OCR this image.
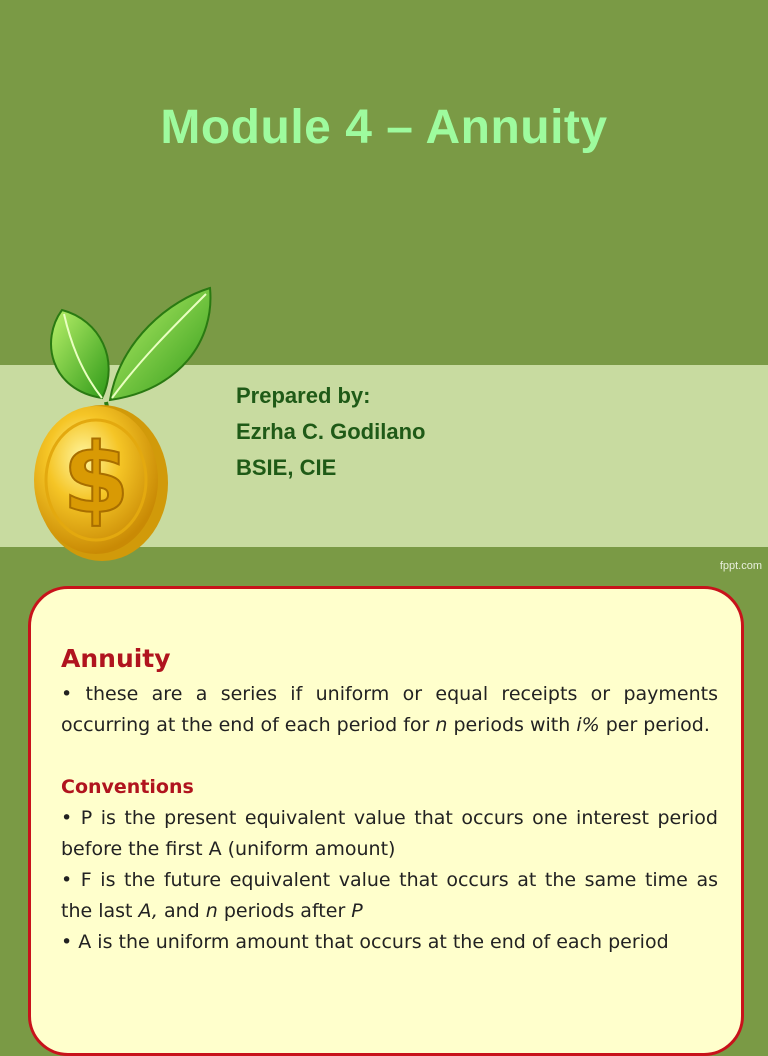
Module 4 – Annuity
Prepared by:
Ezrha C. Godilano
BSIE, CIE
$
fppt.com
Annuity
• these are a series if uniform or equal receipts or payments occurring at the end of each period for n periods with i% per period.
Conventions
• P is the present equivalent value that occurs one interest period before the first A (uniform amount)
• F is the future equivalent value that occurs at the same time as the last A, and n periods after P
• A is the uniform amount that occurs at the end of each period
